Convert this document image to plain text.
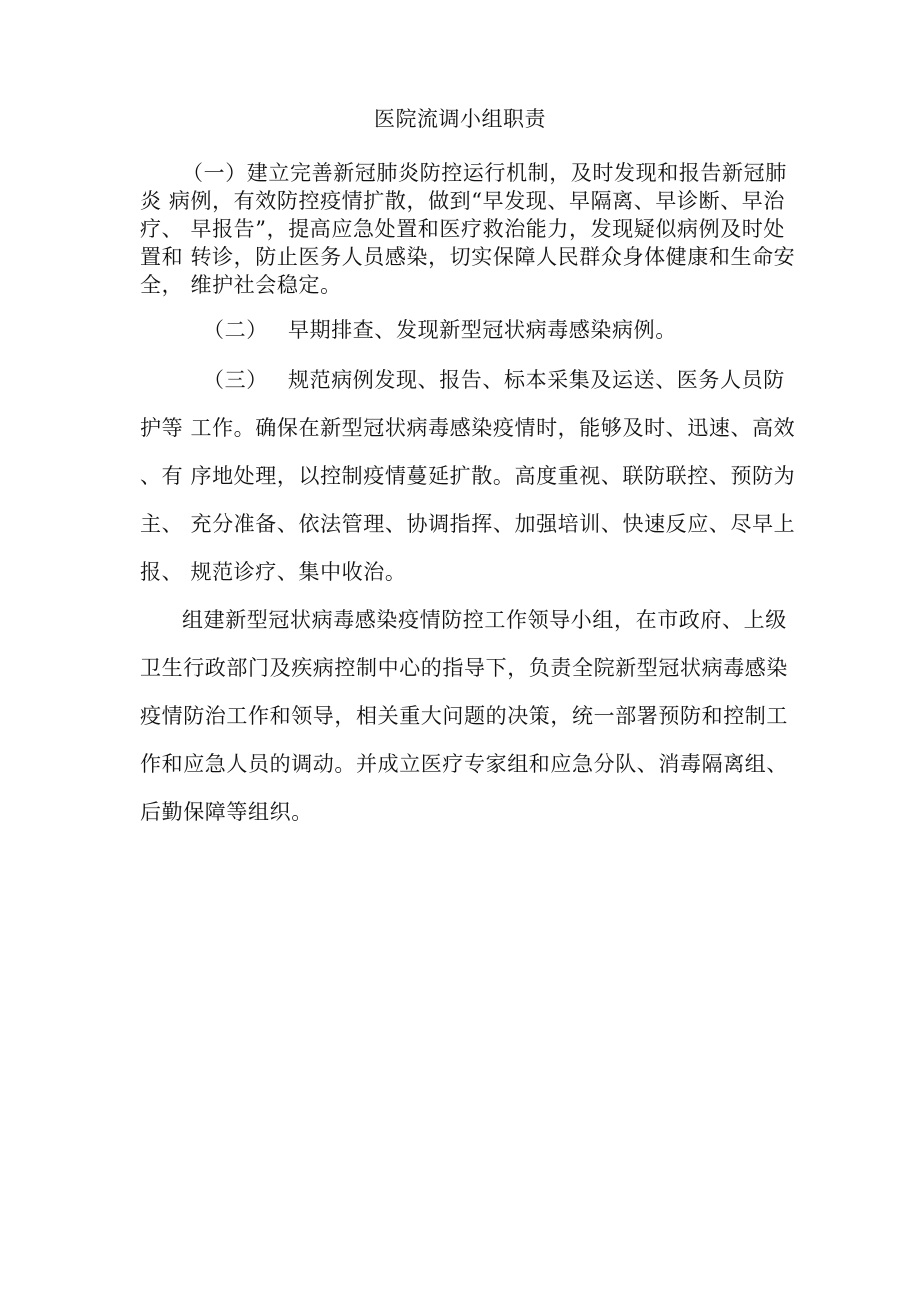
医院流调小组职责
（一）建立完善新冠肺炎防控运行机制，及时发现和报告新冠肺
炎 病例，有效防控疫情扩散，做到“早发现、早隔离、早诊断、早治
疗、 早报告”，提高应急处置和医疗救治能力，发现疑似病例及时处
置和 转诊，防止医务人员感染，切实保障人民群众身体健康和生命安
全， 维护社会稳定。
（二） 早期排查、发现新型冠状病毒感染病例。
（三） 规范病例发现、报告、标本采集及运送、医务人员防
护等 工作。确保在新型冠状病毒感染疫情时，能够及时、迅速、高效
、有 序地处理，以控制疫情蔓延扩散。高度重视、联防联控、预防为
主、 充分准备、依法管理、协调指挥、加强培训、快速反应、尽早上
报、 规范诊疗、集中收治。
组建新型冠状病毒感染疫情防控工作领导小组，在市政府、上级
卫生行政部门及疾病控制中心的指导下，负责全院新型冠状病毒感染
疫情防治工作和领导，相关重大问题的决策，统一部署预防和控制工
作和应急人员的调动。并成立医疗专家组和应急分队、消毒隔离组、
后勤保障等组织。
